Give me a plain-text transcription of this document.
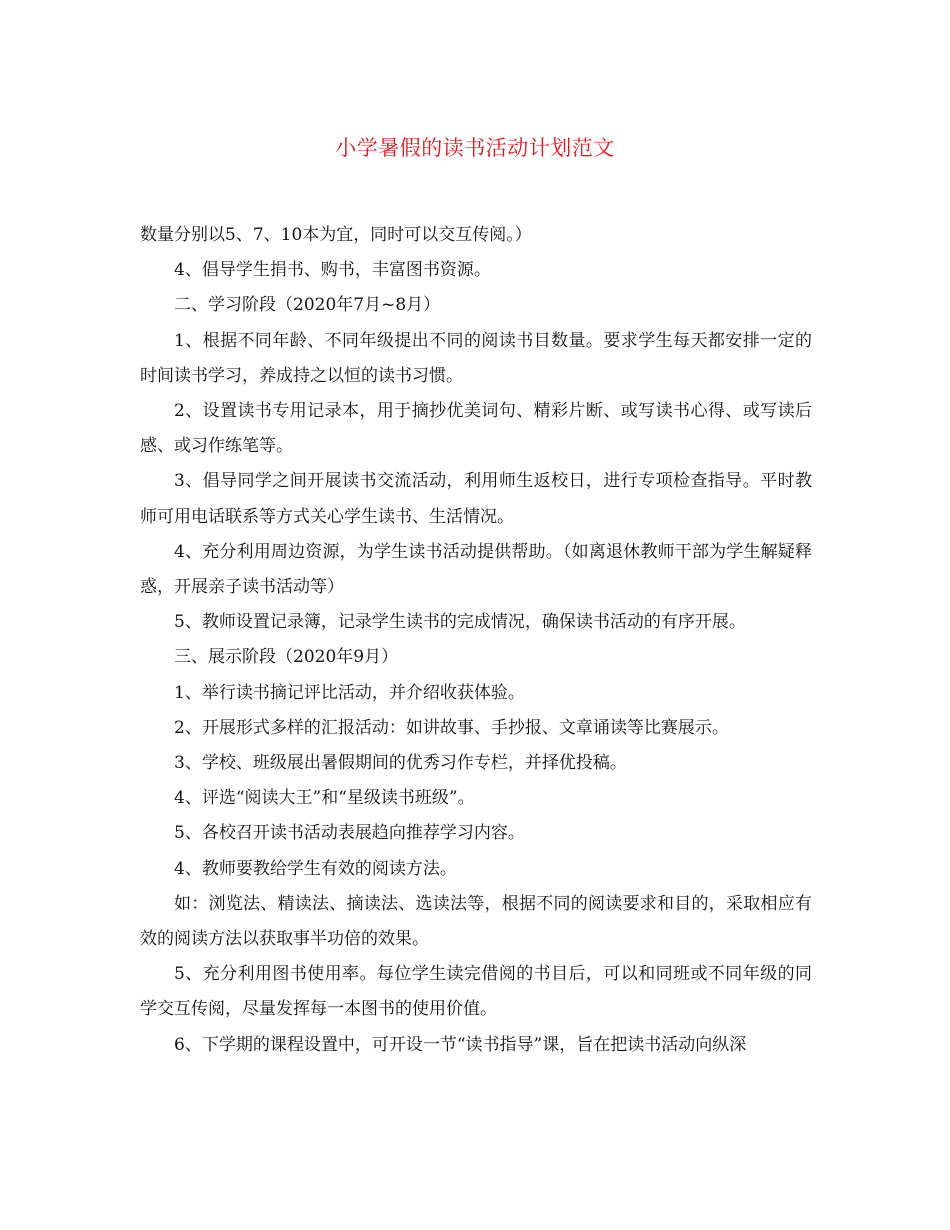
小学暑假的读书活动计划范文

数量分别以5、7、10本为宜，同时可以交互传阅。）

4、倡导学生捐书、购书，丰富图书资源。

二、学习阶段（2020年7月~8月）

1、根据不同年龄、不同年级提出不同的阅读书目数量。要求学生每天都安排一定的时间读书学习，养成持之以恒的读书习惯。

2、设置读书专用记录本，用于摘抄优美词句、精彩片断、或写读书心得、或写读后感、或习作练笔等。

3、倡导同学之间开展读书交流活动，利用师生返校日，进行专项检查指导。平时教师可用电话联系等方式关心学生读书、生活情况。

4、充分利用周边资源，为学生读书活动提供帮助。（如离退休教师干部为学生解疑释惑，开展亲子读书活动等）

5、教师设置记录簿，记录学生读书的完成情况，确保读书活动的有序开展。

三、展示阶段（2020年9月）

1、举行读书摘记评比活动，并介绍收获体验。

2、开展形式多样的汇报活动：如讲故事、手抄报、文章诵读等比赛展示。

3、学校、班级展出暑假期间的优秀习作专栏，并择优投稿。

4、评选“阅读大王”和“星级读书班级”。

5、各校召开读书活动表展趋向推荐学习内容。

4、教师要教给学生有效的阅读方法。

如：浏览法、精读法、摘读法、选读法等，根据不同的阅读要求和目的，采取相应有效的阅读方法以获取事半功倍的效果。

5、充分利用图书使用率。每位学生读完借阅的书目后，可以和同班或不同年级的同学交互传阅，尽量发挥每一本图书的使用价值。

6、下学期的课程设置中，可开设一节“读书指导”课，旨在把读书活动向纵深
